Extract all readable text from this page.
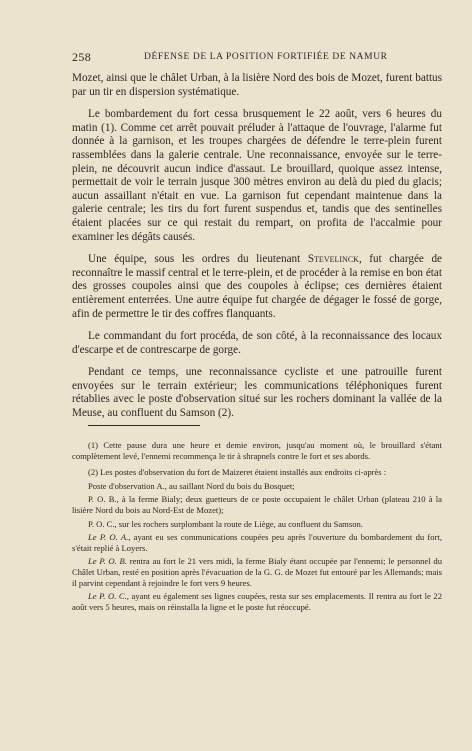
258	DÉFENSE DE LA POSITION FORTIFIÉE DE NAMUR

Mozet, ainsi que le châlet Urban, à la lisière Nord des bois de Mozet, furent battus par un tir en dispersion systématique.

Le bombardement du fort cessa brusquement le 22 août, vers 6 heures du matin (1). Comme cet arrêt pouvait préluder à l'attaque de l'ouvrage, l'alarme fut donnée à la garnison, et les troupes chargées de défendre le terre-plein furent rassemblées dans la galerie centrale. Une reconnaissance, envoyée sur le terre-plein, ne découvrit aucun indice d'assaut. Le brouillard, quoique assez intense, permettait de voir le terrain jusque 300 mètres environ au delà du pied du glacis; aucun assaillant n'était en vue. La garnison fut cependant maintenue dans la galerie centrale; les tirs du fort furent suspendus et, tandis que des sentinelles étaient placées sur ce qui restait du rempart, on profita de l'accalmie pour examiner les dégâts causés.

Une équipe, sous les ordres du lieutenant Stevelinck, fut chargée de reconnaître le massif central et le terre-plein, et de procéder à la remise en bon état des grosses coupoles ainsi que des coupoles à éclipse; ces dernières étaient entièrement enterrées. Une autre équipe fut chargée de dégager le fossé de gorge, afin de permettre le tir des coffres flanquants.

Le commandant du fort procéda, de son côté, à la reconnaissance des locaux d'escarpe et de contrescarpe de gorge.

Pendant ce temps, une reconnaissance cycliste et une patrouille furent envoyées sur le terrain extérieur; les communications téléphoniques furent rétablies avec le poste d'observation situé sur les rochers dominant la vallée de la Meuse, au confluent du Samson (2).

(1) Cette pause dura une heure et demie environ, jusqu'au moment où, le brouillard s'étant complètement levé, l'ennemi recommença le tir à shrapnels contre le fort et ses abords.

(2) Les postes d'observation du fort de Maizeret étaient installés aux endroits ci-après :

Poste d'observation A., au saillant Nord du bois du Bosquet;

P. O. B., à la ferme Bialy; deux guetteurs de ce poste occupaient le châlet Urban (plateau 210 à la lisière Nord du bois au Nord-Est de Mozet);

P. O. C., sur les rochers surplombant la route de Liège, au confluent du Samson.

Le P. O. A., ayant eu ses communications coupées peu après l'ouverture du bombardement du fort, s'était replié à Loyers.

Le P. O. B. rentra au fort le 21 vers midi, la ferme Bialy étant occupée par l'ennemi; le personnel du Châlet Urban, resté en position après l'évacuation de la G. G. de Mozet fut entouré par les Allemands; mais il parvint cependant à rejoindre le fort vers 9 heures.

Le P. O. C., ayant eu également ses lignes coupées, resta sur ses emplacements. Il rentra au fort le 22 août vers 5 heures, mais on réinstalla la ligne et le poste fut réoccupé.
